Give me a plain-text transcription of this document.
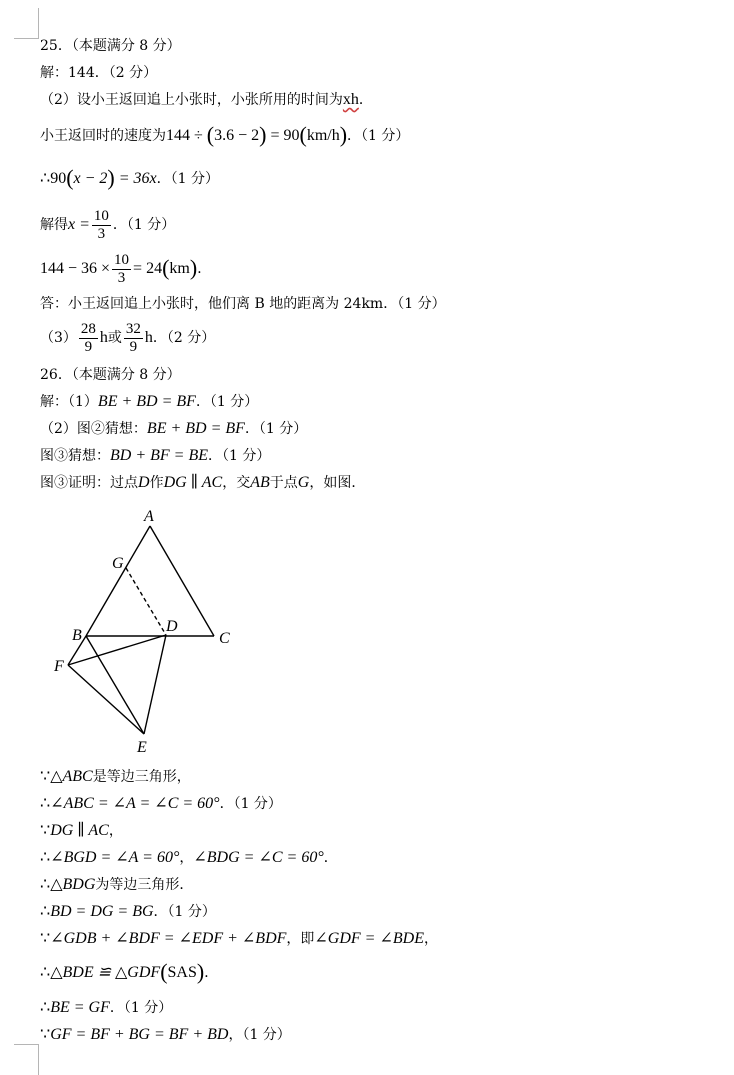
25．（本题满分 8 分）
解：144．（2 分）
（2）设小王返回追上小张时，小张所用的时间为xh．
小王返回时的速度为144 ÷ (3.6 − 2) = 90(km/h)．（1 分）
∴90(x − 2) = 36x．（1 分）
解得$x = \frac{10}{3}$ ．（1 分）
$144 - 36 \times \frac{10}{3} = 24(km)$．
答：小王返回追上小张时，他们离 B 地的距离为 24km．（1 分）
$(3) \frac{28}{9}$ h或 $\frac{32}{9}$ h．（2 分）
26．（本题满分 8 分）
解：（1）BE + BD = BF．（1 分）
（2）图②猜想：BE + BD = BF．（1 分）
图③猜想：BD + BF = BE．（1 分）
图③证明：过点D作DG ∥ AC，交AB于点G，如图．
A
G
B
D
C
F
E
∵△ABC是等边三角形，
∴∠ABC = ∠A = ∠C = 60°．（1 分）
∵DG ∥ AC，
∴∠BGD = ∠A = 60°，∠BDG = ∠C = 60°．
∴△BDG为等边三角形．
∴BD = DG = BG．（1 分）
∵∠GDB + ∠BDF = ∠EDF + ∠BDF，即∠GDF = ∠BDE，
∴△BDE ≌ △GDF(SAS)．
∴BE = GF．（1 分）
∵GF = BF + BG = BF + BD，（1 分）
